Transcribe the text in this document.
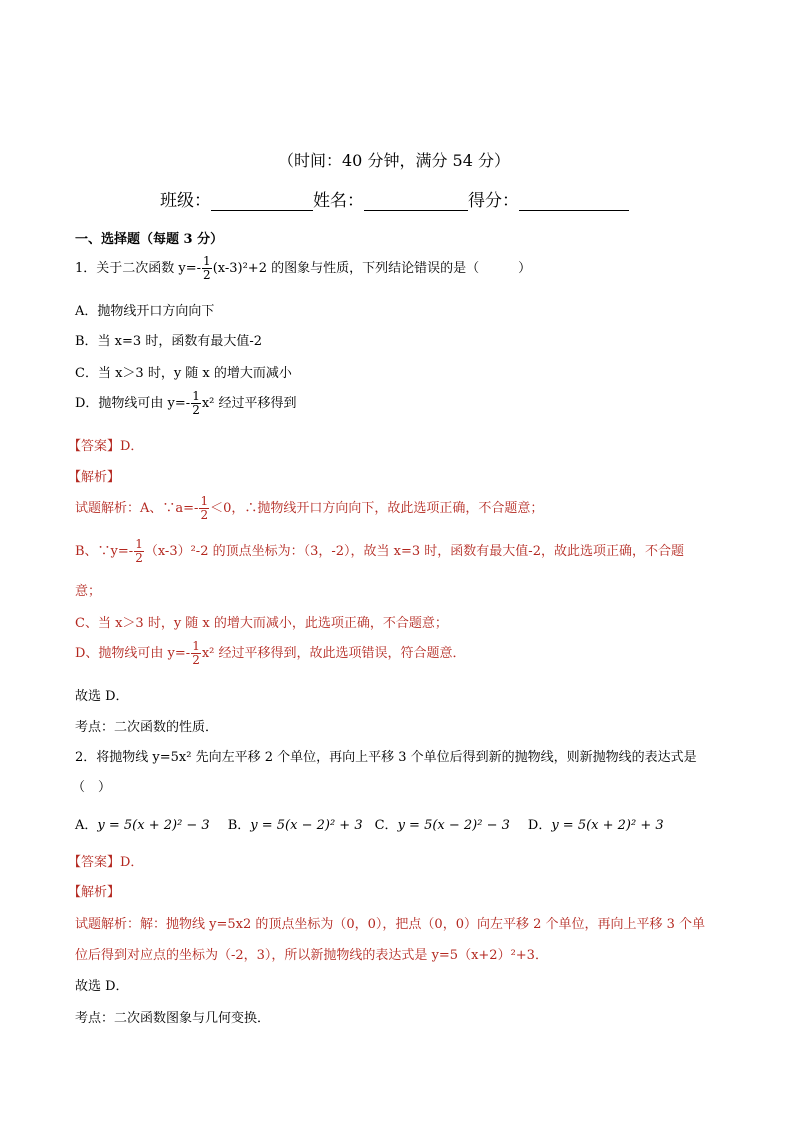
（时间：40 分钟，满分 54 分）
班级：	姓名：	得分：
一、选择题（每题 3 分）
1．关于二次函数 $y=- \frac{1}{2} (x-3)^2+2$ 的图象与性质，下列结论错误的是（　　　）
A．抛物线开口方向向下
B．当 x=3 时，函数有最大值-2
C．当 x＞3 时，y 随 x 的增大而减小
D．抛物线可由 $y=- \frac{1}{2} x^2$ 经过平移得到
【答案】D．
【解析】
试题解析：A、∵a=- $\frac{1}{2} <0$，∴抛物线开口方向向下，故此选项正确，不合题意；
B、∵y=- $\frac{1}{2} (x-3)^2-2$ 的顶点坐标为：（3，-2），故当 x=3 时，函数有最大值-2，故此选项正确，不合题
意；
C、当 x＞3 时，y 随 x 的增大而减小，此选项正确，不合题意；
D、抛物线可由 $y=- \frac{1}{2} x^2$ 经过平移得到，故此选项错误，符合题意．
故选 D．
考点：二次函数的性质．
2．将抛物线 y=5x² 先向左平移 2 个单位，再向上平移 3 个单位后得到新的抛物线，则新抛物线的表达式是
（　）
A．y = 5(x + 2)² − 3 B．y = 5(x − 2)² + 3 C．y = 5(x − 2)² − 3 D．y = 5(x + 2)² + 3
【答案】D．
【解析】
试题解析：解：抛物线 y=5x2 的顶点坐标为（0，0），把点（0，0）向左平移 2 个单位，再向上平移 3 个单
位后得到对应点的坐标为（-2，3），所以新抛物线的表达式是 y=5（x+2）²+3．
故选 D．
考点：二次函数图象与几何变换．
